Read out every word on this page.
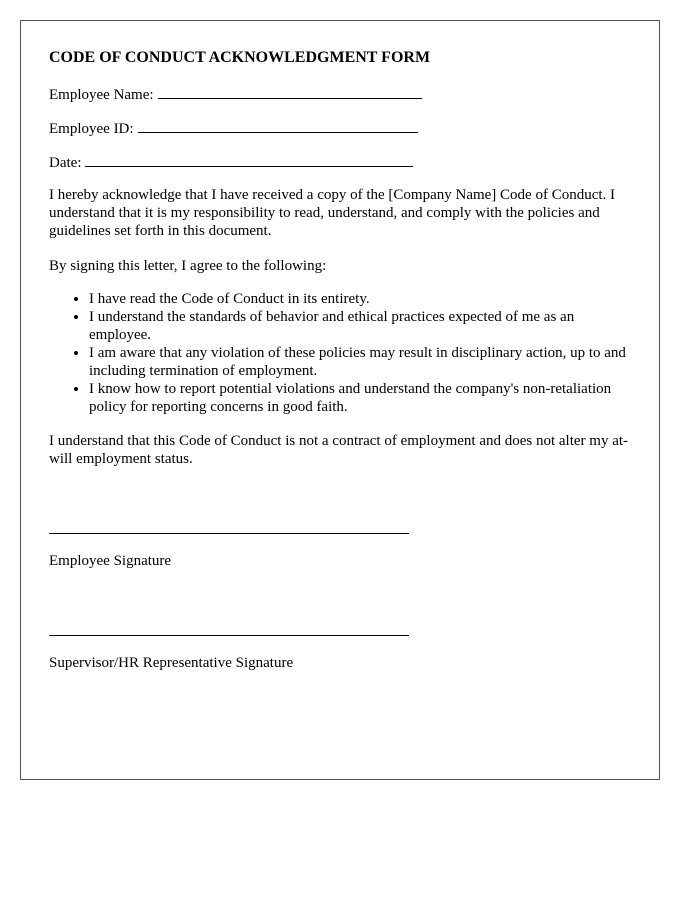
CODE OF CONDUCT ACKNOWLEDGMENT FORM
Employee Name:
Employee ID:
Date:

I hereby acknowledge that I have received a copy of the [Company Name] Code of Conduct. I understand that it is my responsibility to read, understand, and comply with the policies and guidelines set forth in this document.

By signing this letter, I agree to the following:

• I have read the Code of Conduct in its entirety.
• I understand the standards of behavior and ethical practices expected of me as an employee.
• I am aware that any violation of these policies may result in disciplinary action, up to and including termination of employment.
• I know how to report potential violations and understand the company's non-retaliation policy for reporting concerns in good faith.

I understand that this Code of Conduct is not a contract of employment and does not alter my at-will employment status.

Employee Signature
Supervisor/HR Representative Signature
